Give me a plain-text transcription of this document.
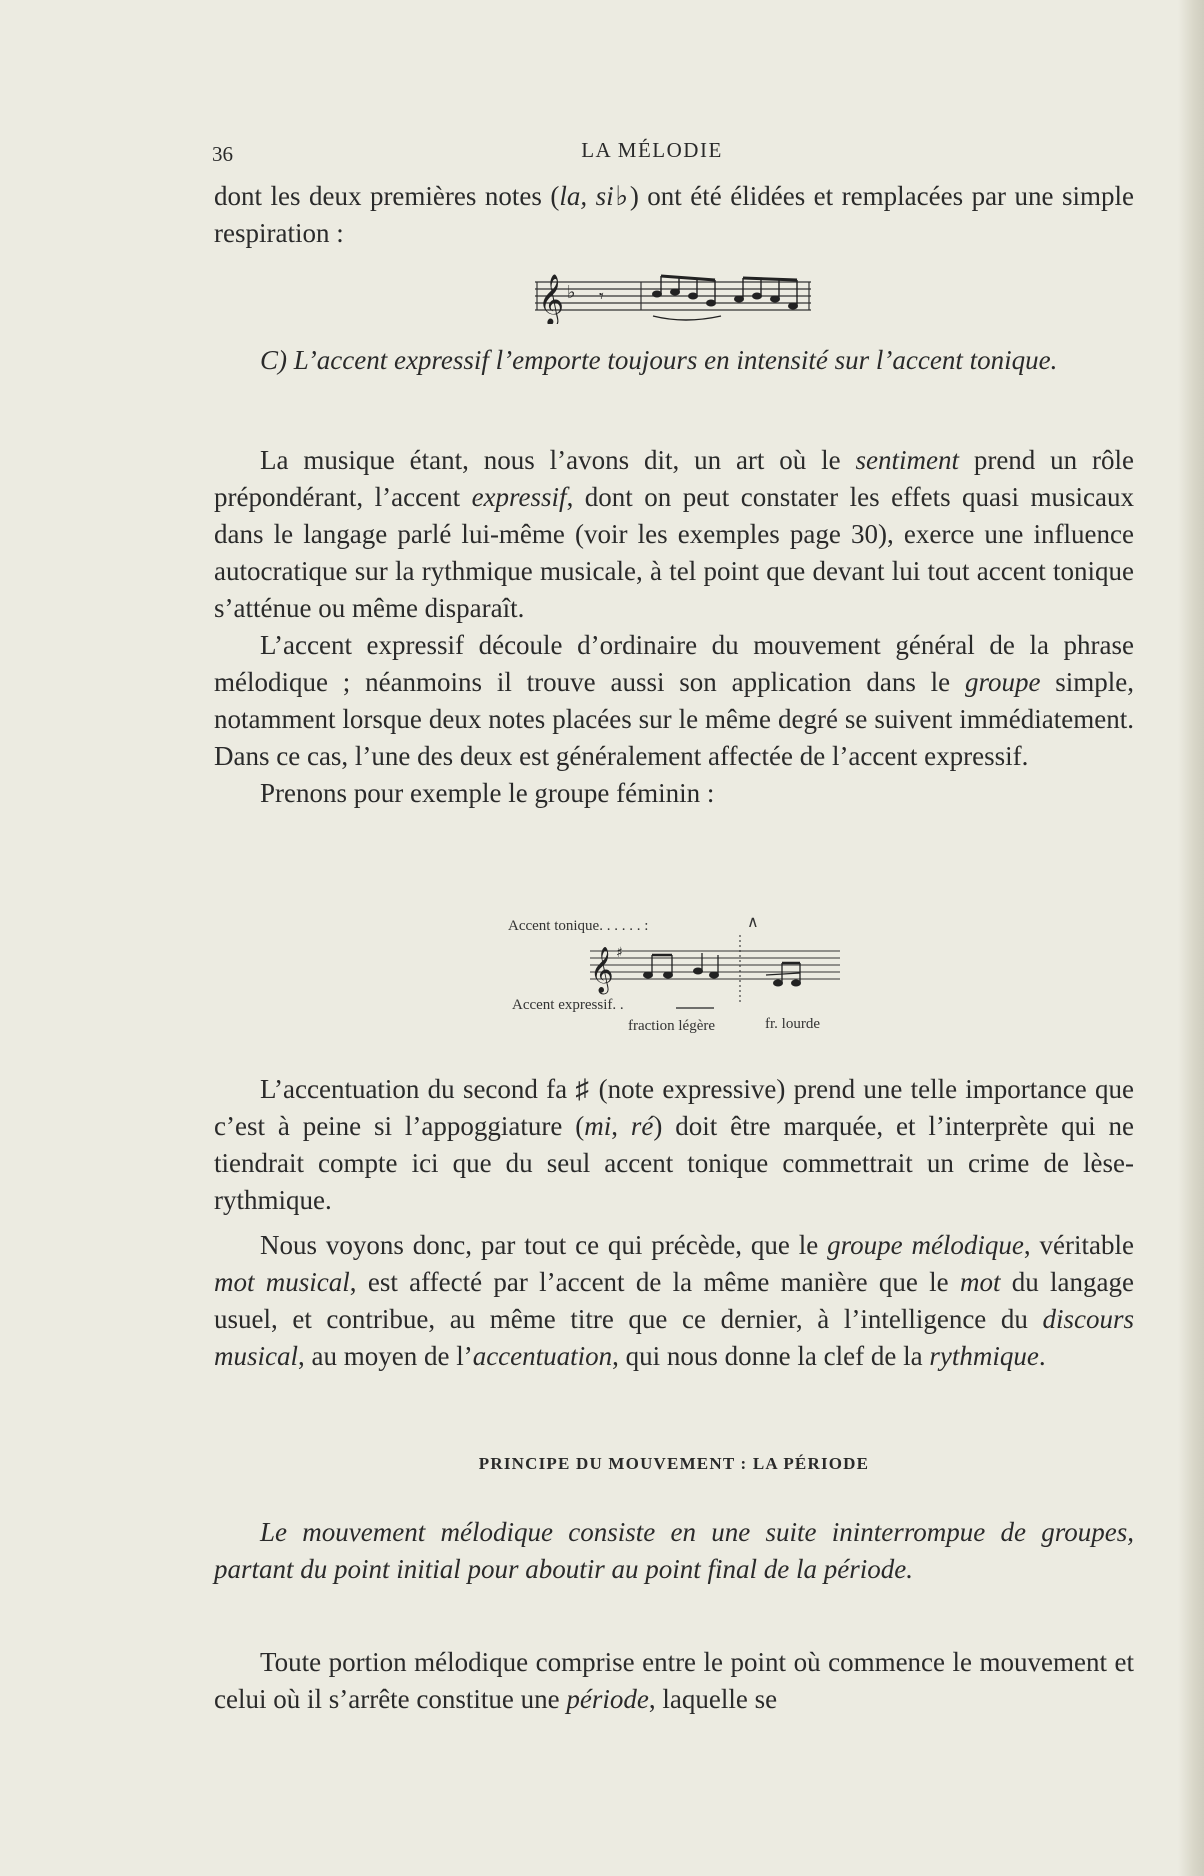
36	LA MÉLODIE

dont les deux premières notes (la, si♭) ont été élidées et remplacées par une simple respiration :

𝄞 ♭ 𝄾

C) L’accent expressif l’emporte toujours en intensité sur l’accent tonique.

La musique étant, nous l’avons dit, un art où le sentiment prend un rôle prépondérant, l’accent expressif, dont on peut constater les effets quasi musicaux dans le langage parlé lui-même (voir les exemples page 30), exerce une influence autocratique sur la rythmique musicale, à tel point que devant lui tout accent tonique s’atténue ou même disparaît.

L’accent expressif découle d’ordinaire du mouvement général de la phrase mélodique ; néanmoins il trouve aussi son application dans le groupe simple, notamment lorsque deux notes placées sur le même degré se suivent immédiatement. Dans ce cas, l’une des deux est généralement affectée de l’accent expressif.

Prenons pour exemple le groupe féminin :

Accent tonique. . . . . . :	∧
𝄞 ♯
Accent expressif. .
fraction légère	fr. lourde

L’accentuation du second fa ♯ (note expressive) prend une telle importance que c’est à peine si l’appoggiature (mi, ré) doit être marquée, et l’interprète qui ne tiendrait compte ici que du seul accent tonique commettrait un crime de lèse-rythmique.

Nous voyons donc, par tout ce qui précède, que le groupe mélodique, véritable mot musical, est affecté par l’accent de la même manière que le mot du langage usuel, et contribue, au même titre que ce dernier, à l’intelligence du discours musical, au moyen de l’accentuation, qui nous donne la clef de la rythmique.

PRINCIPE DU MOUVEMENT : LA PÉRIODE

Le mouvement mélodique consiste en une suite ininterrompue de groupes, partant du point initial pour aboutir au point final de la période.

Toute portion mélodique comprise entre le point où commence le mouvement et celui où il s’arrête constitue une période, laquelle se
